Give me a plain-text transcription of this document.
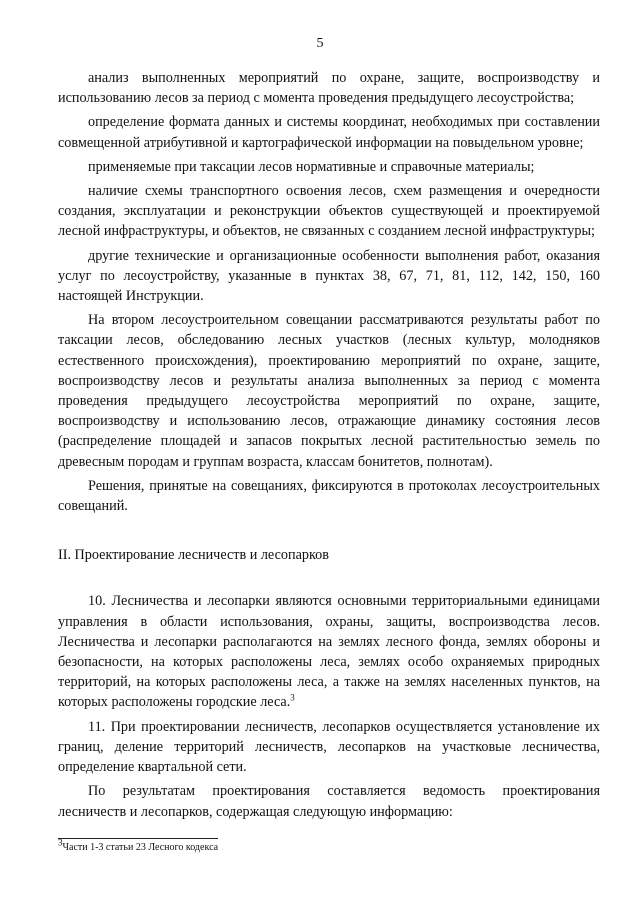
5

анализ выполненных мероприятий по охране, защите, воспроизводству и использованию лесов за период с момента проведения предыдущего лесоустройства;

определение формата данных и системы координат, необходимых при составлении совмещенной атрибутивной и картографической информации на повыдельном уровне;

применяемые при таксации лесов нормативные и справочные материалы;

наличие схемы транспортного освоения лесов, схем размещения и очередности создания, эксплуатации и реконструкции объектов существующей и проектируемой лесной инфраструктуры, и объектов, не связанных с созданием лесной инфраструктуры;

другие технические и организационные особенности выполнения работ, оказания услуг по лесоустройству, указанные в пунктах 38, 67, 71, 81, 112, 142, 150, 160 настоящей Инструкции.

На втором лесоустроительном совещании рассматриваются результаты работ по таксации лесов, обследованию лесных участков (лесных культур, молодняков естественного происхождения), проектированию мероприятий по охране, защите, воспроизводству лесов и результаты анализа выполненных за период с момента проведения предыдущего лесоустройства мероприятий по охране, защите, воспроизводству и использованию лесов, отражающие динамику состояния лесов (распределение площадей и запасов покрытых лесной растительностью земель по древесным породам и группам возраста, классам бонитетов, полнотам).

Решения, принятые на совещаниях, фиксируются в протоколах лесоустроительных совещаний.

II. Проектирование лесничеств и лесопарков

10. Лесничества и лесопарки являются основными территориальными единицами управления в области использования, охраны, защиты, воспроизводства лесов. Лесничества и лесопарки располагаются на землях лесного фонда, землях обороны и безопасности, на которых расположены леса, землях особо охраняемых природных территорий, на которых расположены леса, а также на землях населенных пунктов, на которых расположены городские леса.$^3$

11. При проектировании лесничеств, лесопарков осуществляется установление их границ, деление территорий лесничеств, лесопарков на участковые лесничества, определение квартальной сети.

По результатам проектирования составляется ведомость проектирования лесничеств и лесопарков, содержащая следующую информацию:

$^3$Части 1-3 статьи 23 Лесного кодекса
